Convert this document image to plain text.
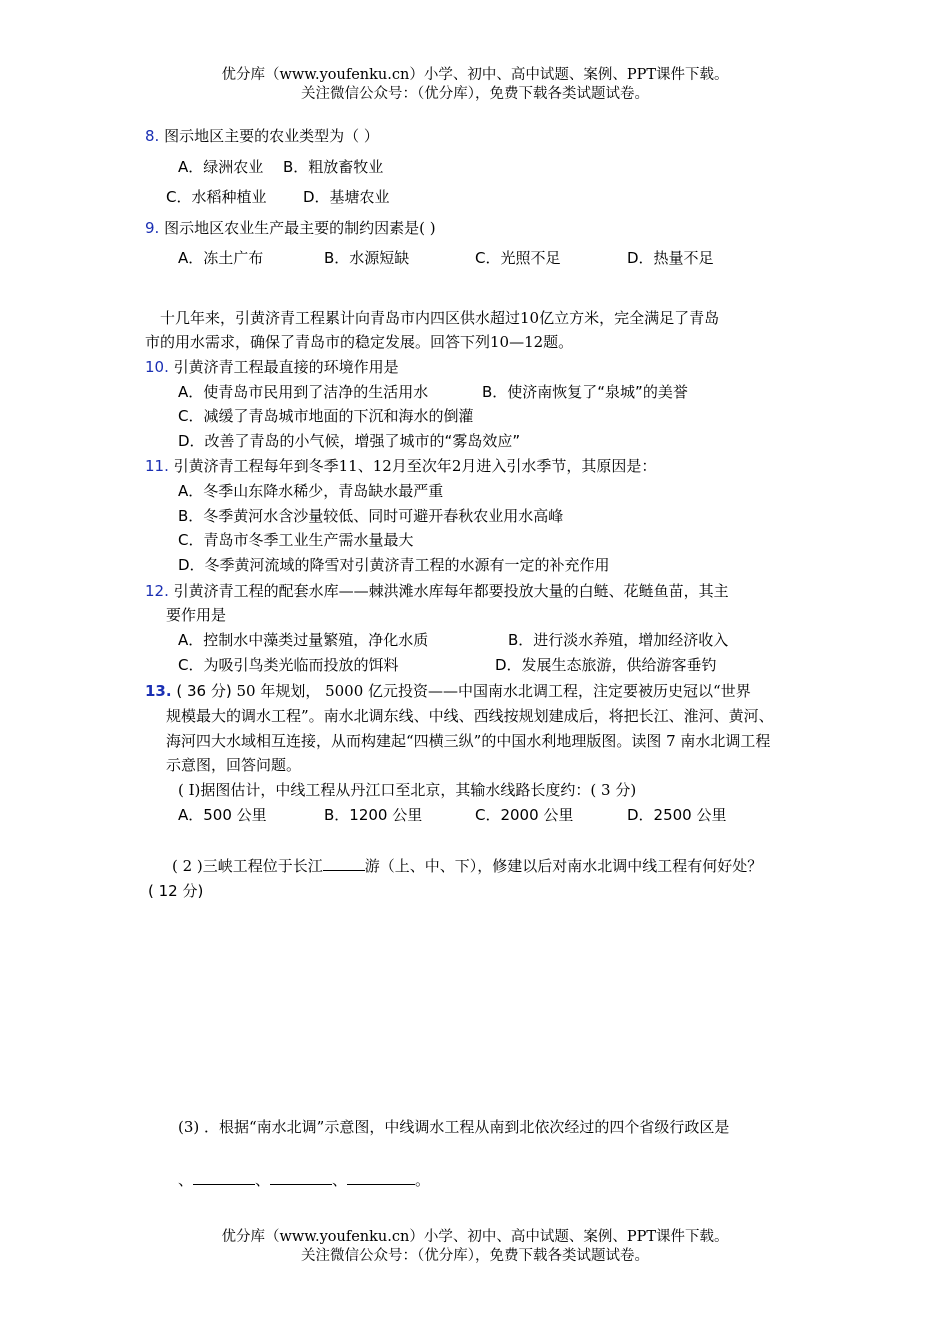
优分库（www.youfenku.cn）小学、初中、高中试题、案例、PPT课件下载。
关注微信公众号：（优分库），免费下载各类试题试卷。
8. 图示地区主要的农业类型为（ ）
A．绿洲农业 B．粗放畜牧业
C．水稻种植业 D．基塘农业
9. 图示地区农业生产最主要的制约因素是( )
A．冻土广布	B．水源短缺	C．光照不足	D．热量不足
十几年来，引黄济青工程累计向青岛市内四区供水超过10亿立方米，完全满足了青岛
市的用水需求，确保了青岛市的稳定发展。回答下列10—12题。
10. 引黄济青工程最直接的环境作用是
A．使青岛市民用到了洁净的生活用水	B．使济南恢复了“泉城”的美誉
C．减缓了青岛城市地面的下沉和海水的倒灌
D．改善了青岛的小气候，增强了城市的“雾岛效应”
11. 引黄济青工程每年到冬季11、12月至次年2月进入引水季节，其原因是：
A．冬季山东降水稀少，青岛缺水最严重
B．冬季黄河水含沙量较低、同时可避开春秋农业用水高峰
C．青岛市冬季工业生产需水量最大
D．冬季黄河流域的降雪对引黄济青工程的水源有一定的补充作用
12. 引黄济青工程的配套水库——棘洪滩水库每年都要投放大量的白鲢、花鲢鱼苗，其主
要作用是
A．控制水中藻类过量繁殖，净化水质	B．进行淡水养殖，增加经济收入
C．为吸引鸟类光临而投放的饵料	D．发展生态旅游，供给游客垂钓
13. ( 36 分) 50 年规划， 5000 亿元投资——中国南水北调工程，注定要被历史冠以“世界
规模最大的调水工程”。南水北调东线、中线、西线按规划建成后，将把长江、淮河、黄河、
海河四大水域相互连接，从而构建起“四横三纵”的中国水利地理版图。读图 7 南水北调工程
示意图，回答问题。
( Ⅰ)据图估计，中线工程从丹江口至北京，其输水线路长度约：( 3 分)
A．500 公里	B．1200 公里	C．2000 公里	D．2500 公里
( 2 )三峡工程位于长江	游（上、中、下），修建以后对南水北调中线工程有何好处？
( 12 分)
(3) ．根据“南水北调”示意图，中线调水工程从南到北依次经过的四个省级行政区是
、	、	、	。
优分库（www.youfenku.cn）小学、初中、高中试题、案例、PPT课件下载。
关注微信公众号：（优分库），免费下载各类试题试卷。
